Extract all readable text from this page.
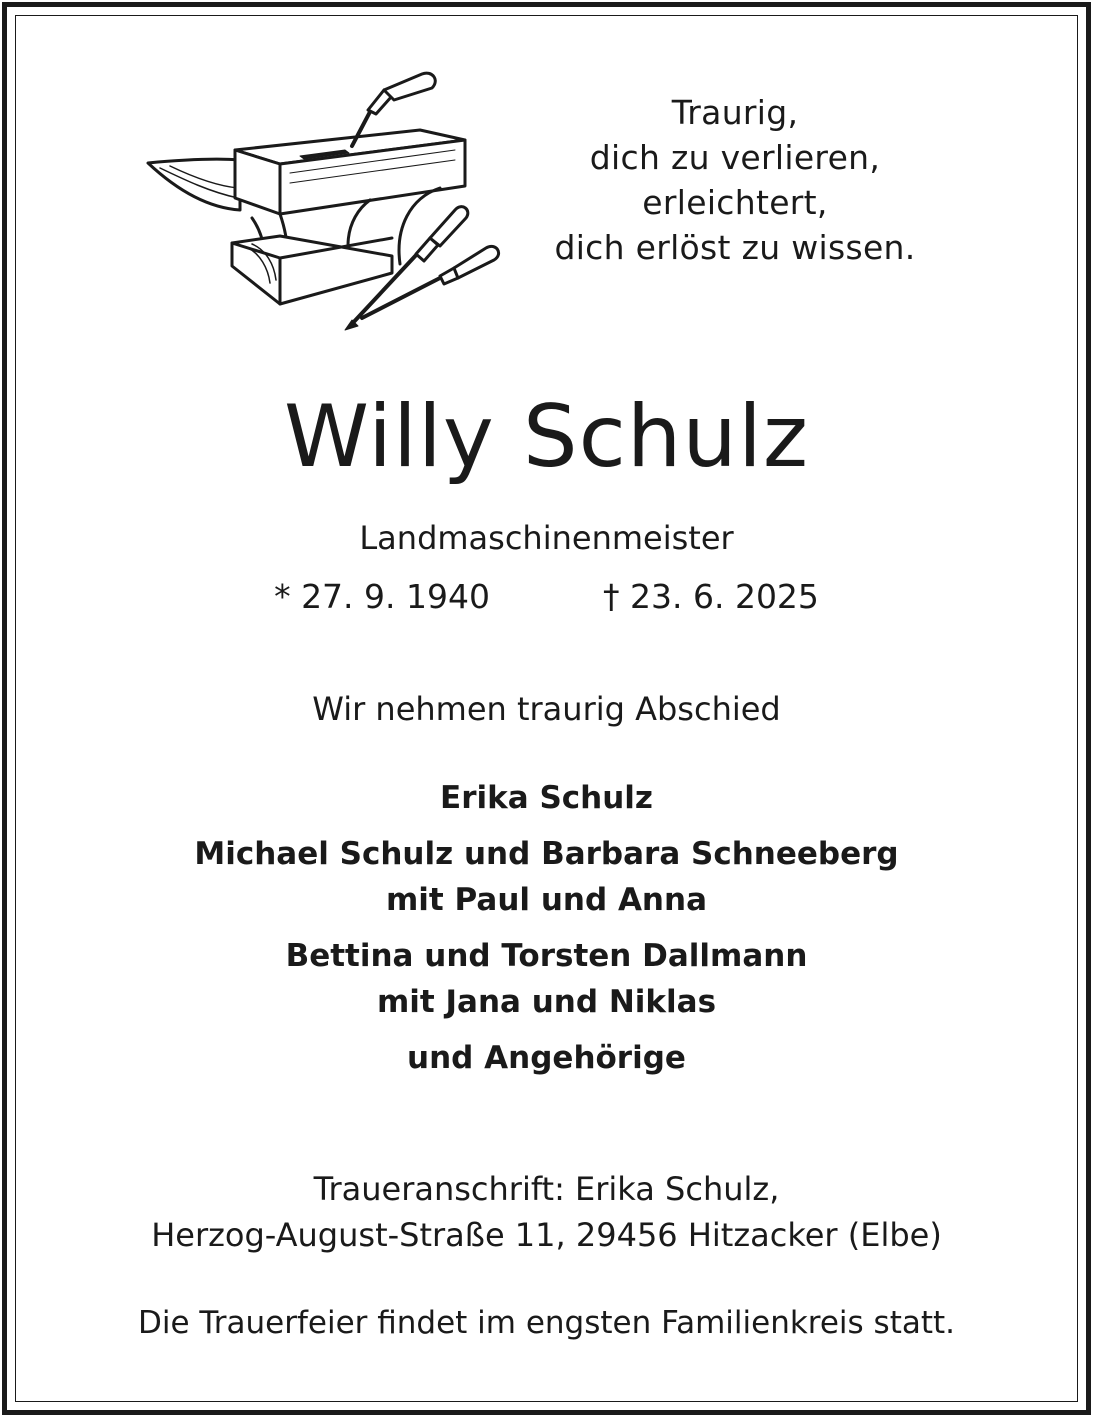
Traurig,
dich zu verlieren,
erleichtert,
dich erlöst zu wissen.
Willy Schulz
Landmaschinenmeister
* 27. 9. 1940	† 23. 6. 2025
Wir nehmen traurig Abschied
Erika Schulz
Michael Schulz und Barbara Schneeberg
mit Paul und Anna
Bettina und Torsten Dallmann
mit Jana und Niklas
und Angehörige
Traueranschrift: Erika Schulz,
Herzog-August-Straße 11, 29456 Hitzacker (Elbe)
Die Trauerfeier findet im engsten Familienkreis statt.
